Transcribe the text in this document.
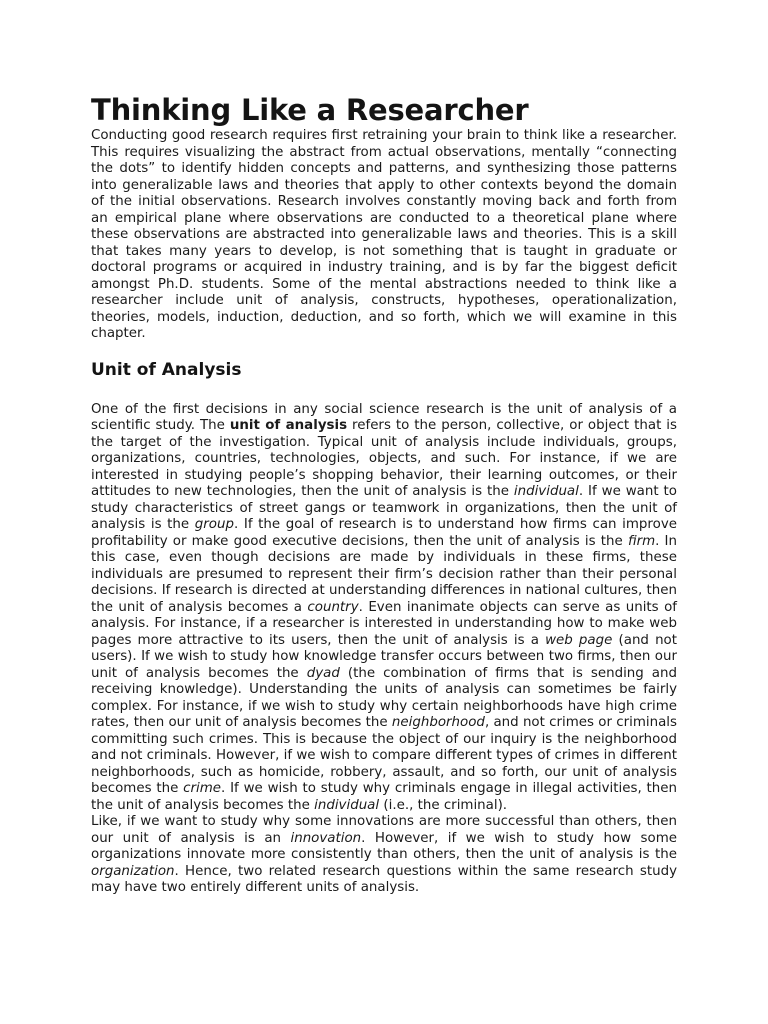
Thinking Like a Researcher

Conducting good research requires first retraining your brain to think like a researcher. This requires visualizing the abstract from actual observations, mentally “connecting the dots” to identify hidden concepts and patterns, and synthesizing those patterns into generalizable laws and theories that apply to other contexts beyond the domain of the initial observations. Research involves constantly moving back and forth from an empirical plane where observations are conducted to a theoretical plane where these observations are abstracted into generalizable laws and theories. This is a skill that takes many years to develop, is not something that is taught in graduate or doctoral programs or acquired in industry training, and is by far the biggest deficit amongst Ph.D. students. Some of the mental abstractions needed to think like a researcher include unit of analysis, constructs, hypotheses, operationalization, theories, models, induction, deduction, and so forth, which we will examine in this chapter.

Unit of Analysis

One of the first decisions in any social science research is the unit of analysis of a scientific study. The unit of analysis refers to the person, collective, or object that is the target of the investigation. Typical unit of analysis include individuals, groups, organizations, countries, technologies, objects, and such. For instance, if we are interested in studying people’s shopping behavior, their learning outcomes, or their attitudes to new technologies, then the unit of analysis is the individual. If we want to study characteristics of street gangs or teamwork in organizations, then the unit of analysis is the group. If the goal of research is to understand how firms can improve profitability or make good executive decisions, then the unit of analysis is the firm. In this case, even though decisions are made by individuals in these firms, these individuals are presumed to represent their firm’s decision rather than their personal decisions. If research is directed at understanding differences in national cultures, then the unit of analysis becomes a country. Even inanimate objects can serve as units of analysis. For instance, if a researcher is interested in understanding how to make web pages more attractive to its users, then the unit of analysis is a web page (and not users). If we wish to study how knowledge transfer occurs between two firms, then our unit of analysis becomes the dyad (the combination of firms that is sending and receiving knowledge). Understanding the units of analysis can sometimes be fairly complex. For instance, if we wish to study why certain neighborhoods have high crime rates, then our unit of analysis becomes the neighborhood, and not crimes or criminals committing such crimes. This is because the object of our inquiry is the neighborhood and not criminals. However, if we wish to compare different types of crimes in different neighborhoods, such as homicide, robbery, assault, and so forth, our unit of analysis becomes the crime. If we wish to study why criminals engage in illegal activities, then the unit of analysis becomes the individual (i.e., the criminal).

Like, if we want to study why some innovations are more successful than others, then our unit of analysis is an innovation. However, if we wish to study how some organizations innovate more consistently than others, then the unit of analysis is the organization. Hence, two related research questions within the same research study may have two entirely different units of analysis.
